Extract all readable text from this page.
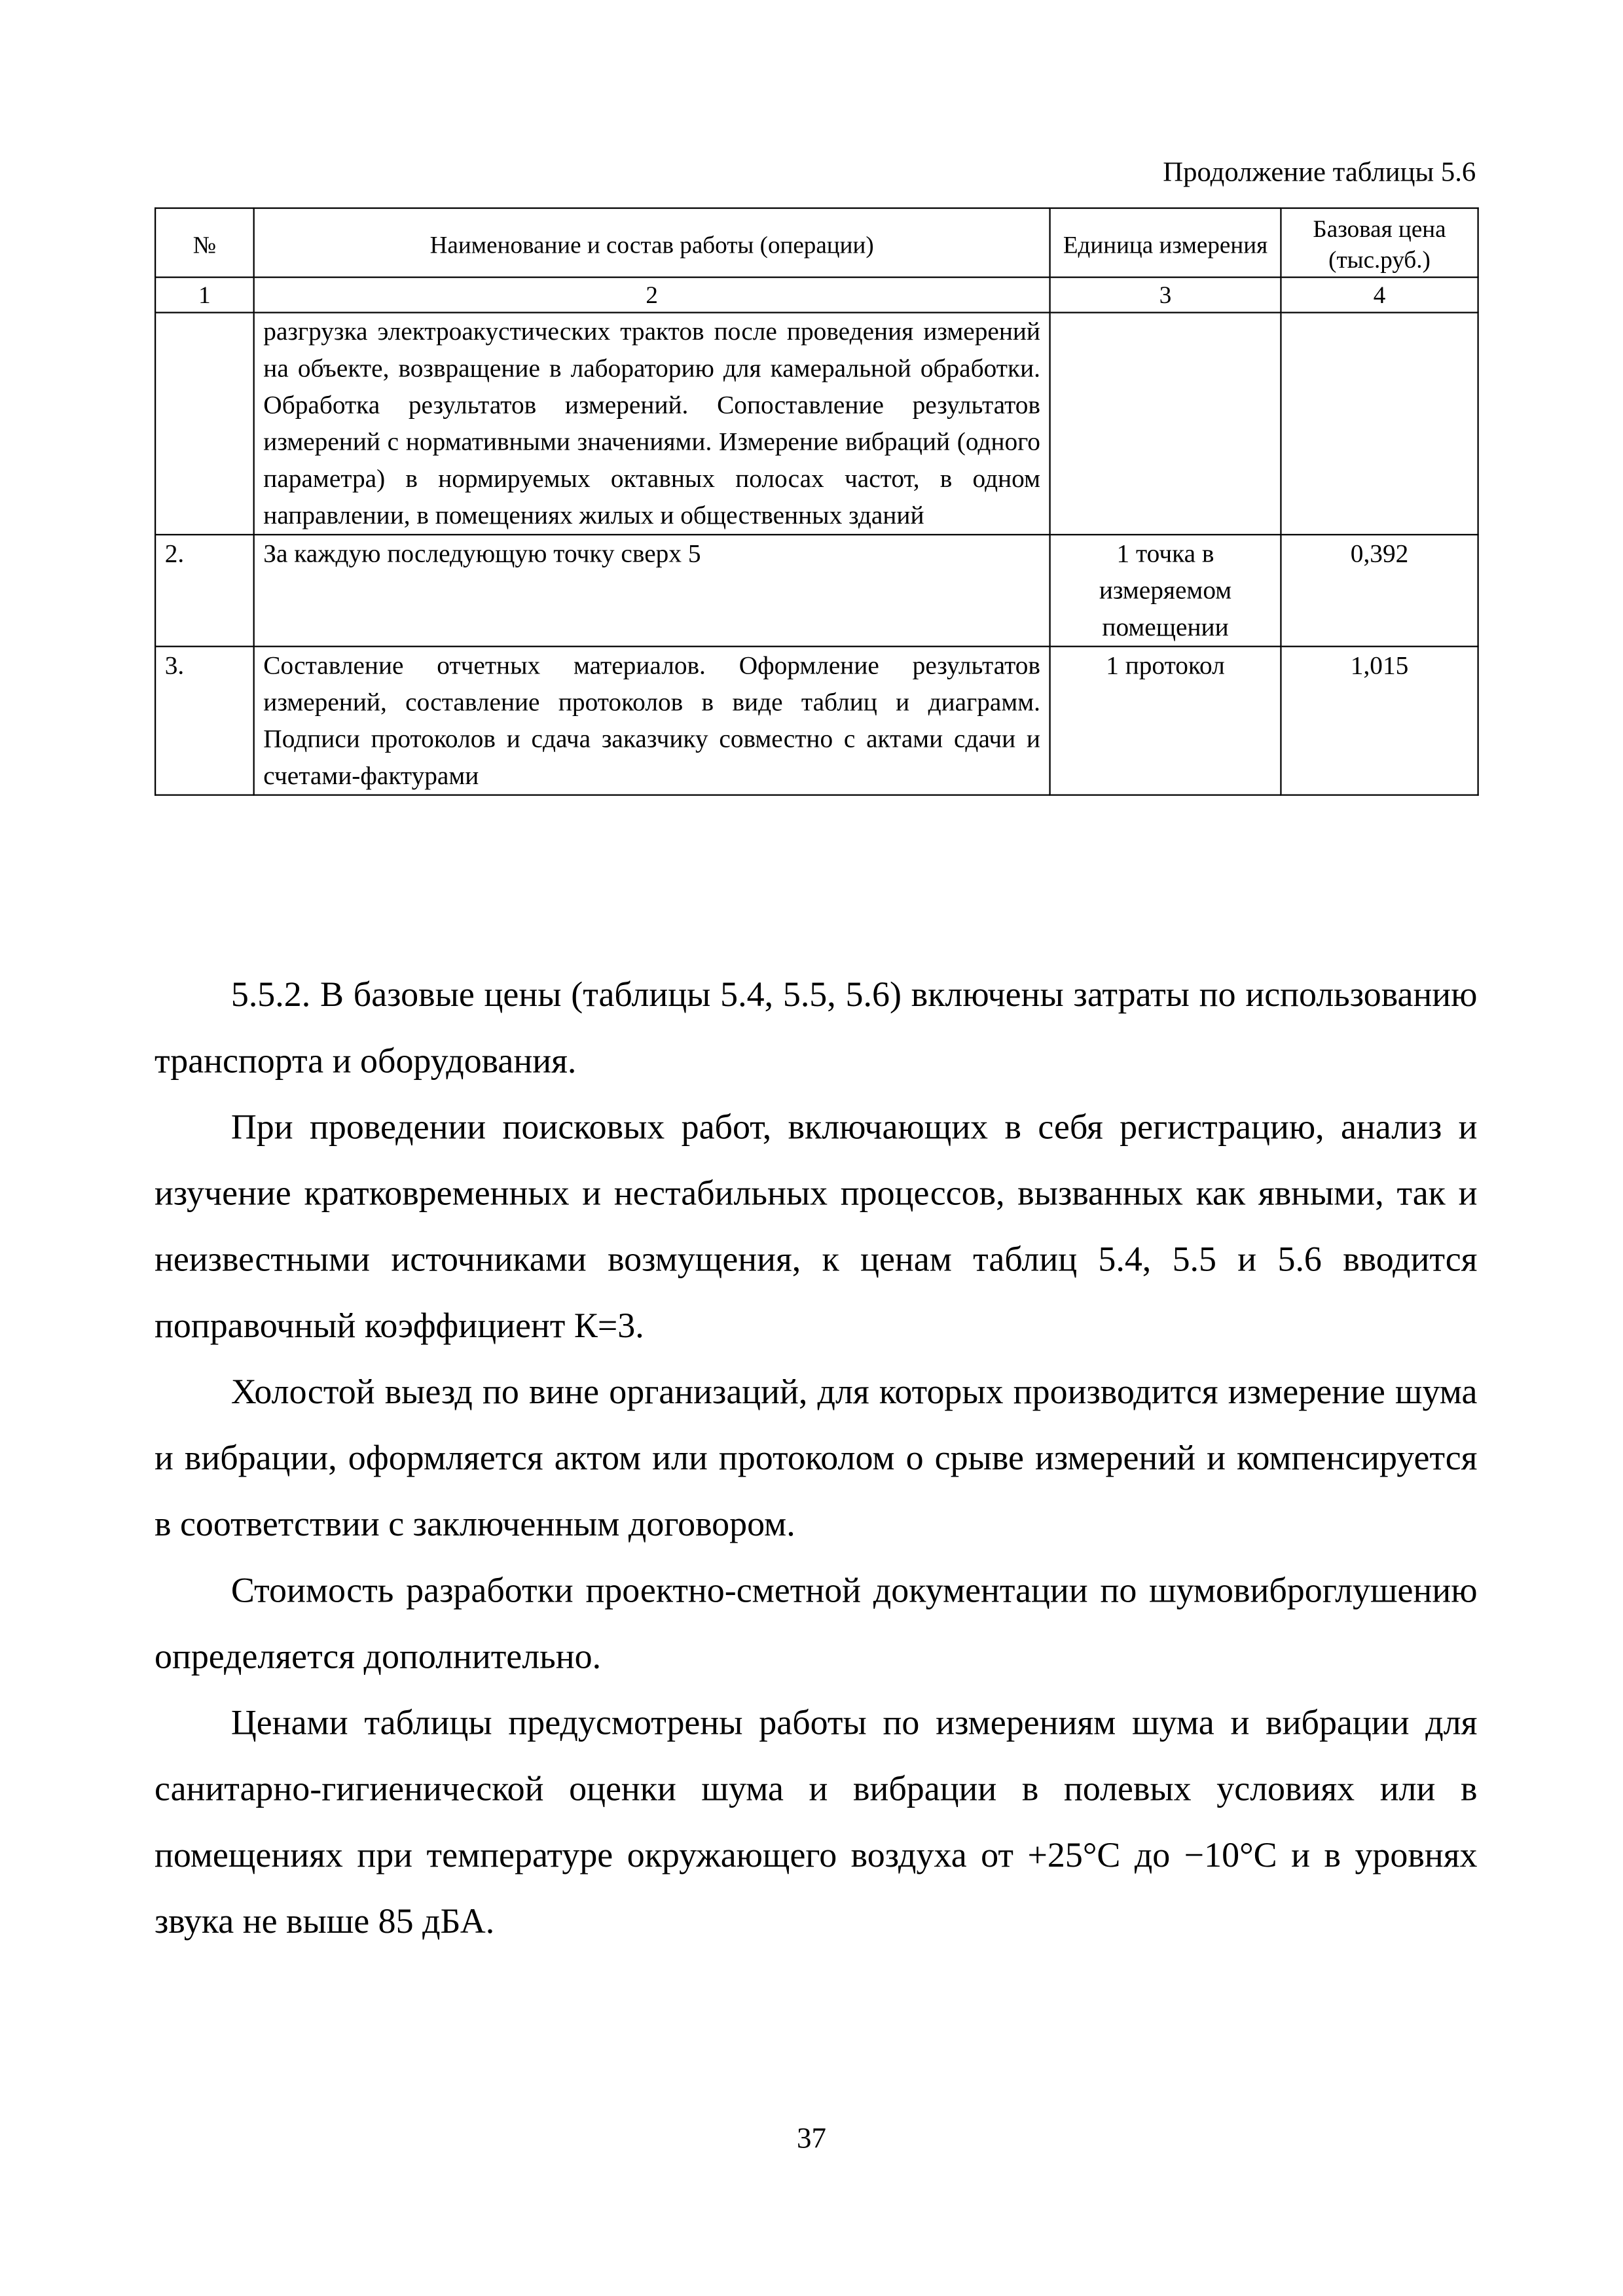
Продолжение таблицы 5.6
№	Наименование и состав работы (операции)	Единица измерения	Базовая цена (тыс.руб.)
1	2	3	4
	разгрузка электроакустических трактов после проведения измерений на объекте, возвращение в лабораторию для камеральной обработки. Обработка результатов измерений. Сопоставление результатов измерений с нормативными значениями. Измерение вибраций (одного параметра) в нормируемых октавных полосах частот, в одном направлении, в помещениях жилых и общественных зданий		
2.	За каждую последующую точку сверх 5	1 точка в измеряемом помещении	0,392
3.	Составление отчетных материалов. Оформление результатов измерений, составление протоколов в виде таблиц и диаграмм. Подписи протоколов и сдача заказчику совместно с актами сдачи и счетами-фактурами	1 протокол	1,015

5.5.2. В базовые цены (таблицы 5.4, 5.5, 5.6) включены затраты по использованию транспорта и оборудования.

При проведении поисковых работ, включающих в себя регистрацию, анализ и изучение кратковременных и нестабильных процессов, вызванных как явными, так и неизвестными источниками возмущения, к ценам таблиц 5.4, 5.5 и 5.6 вводится поправочный коэффициент К=3.

Холостой выезд по вине организаций, для которых производится измерение шума и вибрации, оформляется актом или протоколом о срыве измерений и компенсируется в соответствии с заключенным договором.

Стоимость разработки проектно-сметной документации по шумовиброглушению определяется дополнительно.

Ценами таблицы предусмотрены работы по измерениям шума и вибрации для санитарно-гигиенической оценки шума и вибрации в полевых условиях или в помещениях при температуре окружающего воздуха от +25°С до −10°С и в уровнях звука не выше 85 дБА.

37
